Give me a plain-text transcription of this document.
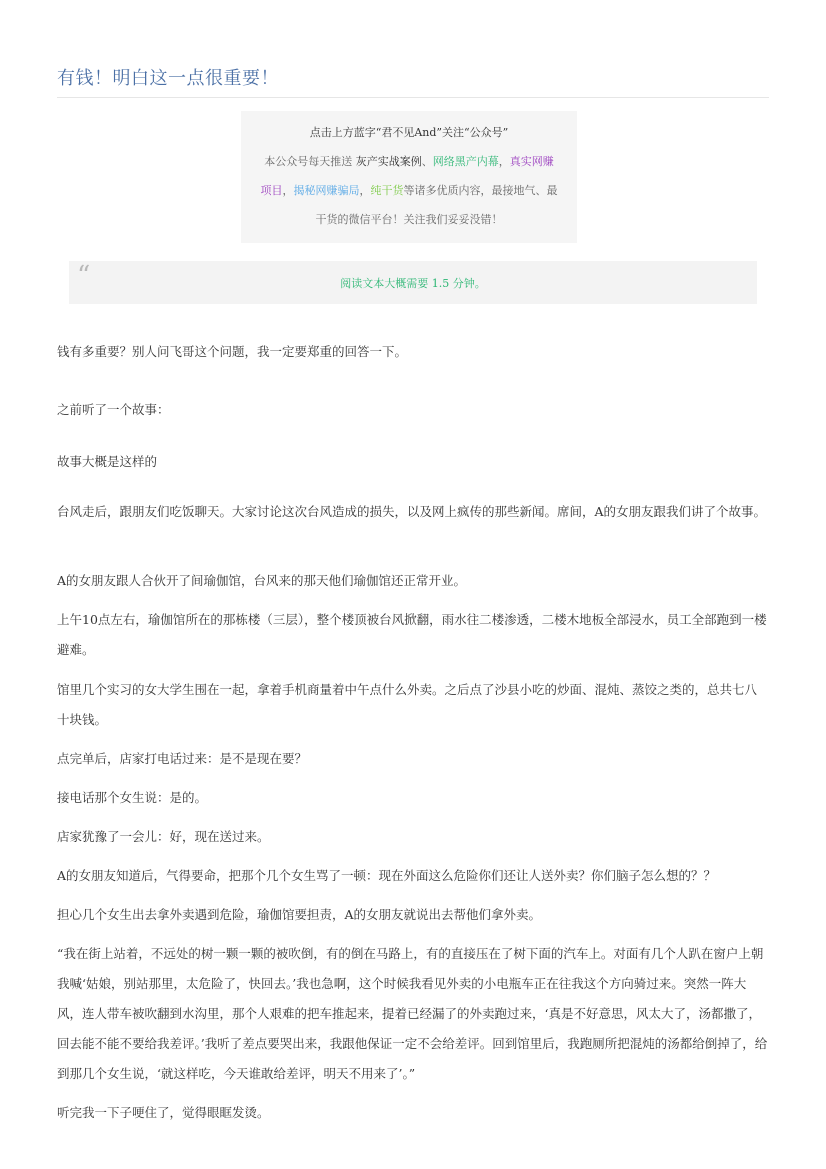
有钱！明白这一点很重要！
点击上方蓝字“君不见And”关注“公众号”
本公众号每天推送 灰产实战案例、网络黑产内幕，真实网赚
项目，揭秘网赚骗局，纯干货等诸多优质内容，最接地气、最
干货的微信平台！关注我们妥妥没错！
“	阅读文本大概需要 1.5 分钟。

钱有多重要？别人问飞哥这个问题，我一定要郑重的回答一下。

之前听了一个故事：

故事大概是这样的

台风走后，跟朋友们吃饭聊天。大家讨论这次台风造成的损失，以及网上疯传的那些新闻。席间，A的女朋友跟我们讲了个故事。

A的女朋友跟人合伙开了间瑜伽馆，台风来的那天他们瑜伽馆还正常开业。

上午10点左右，瑜伽馆所在的那栋楼（三层），整个楼顶被台风掀翻，雨水往二楼渗透，二楼木地板全部浸水，员工全部跑到一楼避难。

馆里几个实习的女大学生围在一起，拿着手机商量着中午点什么外卖。之后点了沙县小吃的炒面、混炖、蒸饺之类的，总共七八十块钱。

点完单后，店家打电话过来：是不是现在要？

接电话那个女生说：是的。

店家犹豫了一会儿：好，现在送过来。

A的女朋友知道后，气得要命，把那个几个女生骂了一顿：现在外面这么危险你们还让人送外卖？你们脑子怎么想的？？

担心几个女生出去拿外卖遇到危险，瑜伽馆要担责，A的女朋友就说出去帮他们拿外卖。

“我在街上站着，不远处的树一颗一颗的被吹倒，有的倒在马路上，有的直接压在了树下面的汽车上。对面有几个人趴在窗户上朝我喊‘姑娘，别站那里，太危险了，快回去。’我也急啊，这个时候我看见外卖的小电瓶车正在往我这个方向骑过来。突然一阵大风，连人带车被吹翻到水沟里，那个人艰难的把车推起来，提着已经漏了的外卖跑过来，‘真是不好意思，风太大了，汤都撒了，回去能不能不要给我差评。’我听了差点要哭出来，我跟他保证一定不会给差评。回到馆里后，我跑厕所把混炖的汤都给倒掉了，给到那几个女生说，‘就这样吃，今天谁敢给差评，明天不用来了’。”

听完我一下子哽住了，觉得眼眶发烫。
